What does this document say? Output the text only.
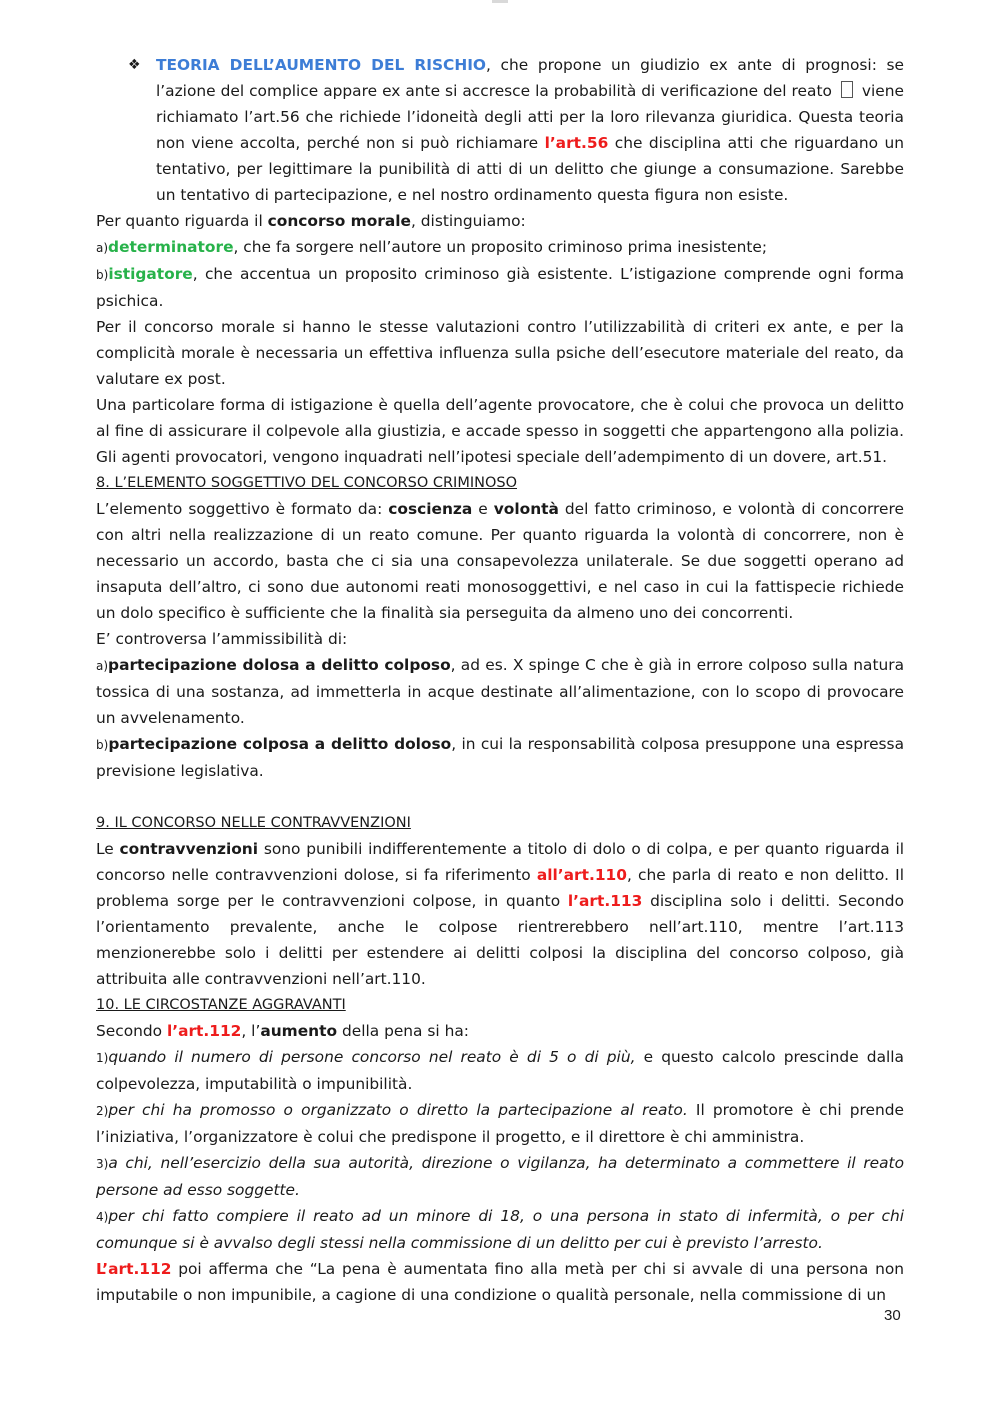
❖ TEORIA DELL’AUMENTO DEL RISCHIO, che propone un giudizio ex ante di prognosi: se l’azione del complice appare ex ante si accresce la probabilità di verificazione del reato viene richiamato l’art.56 che richiede l’idoneità degli atti per la loro rilevanza giuridica. Questa teoria non viene accolta, perché non si può richiamare l’art.56 che disciplina atti che riguardano un tentativo, per legittimare la punibilità di atti di un delitto che giunge a consumazione. Sarebbe un tentativo di partecipazione, e nel nostro ordinamento questa figura non esiste.

Per quanto riguarda il concorso morale, distinguiamo:

a)determinatore, che fa sorgere nell’autore un proposito criminoso prima inesistente;

b)istigatore, che accentua un proposito criminoso già esistente. L’istigazione comprende ogni forma psichica.

Per il concorso morale si hanno le stesse valutazioni contro l’utilizzabilità di criteri ex ante, e per la complicità morale è necessaria un effettiva influenza sulla psiche dell’esecutore materiale del reato, da valutare ex post.

Una particolare forma di istigazione è quella dell’agente provocatore, che è colui che provoca un delitto al fine di assicurare il colpevole alla giustizia, e accade spesso in soggetti che appartengono alla polizia. Gli agenti provocatori, vengono inquadrati nell’ipotesi speciale dell’adempimento di un dovere, art.51.

8. L’ELEMENTO SOGGETTIVO DEL CONCORSO CRIMINOSO

L’elemento soggettivo è formato da: coscienza e volontà del fatto criminoso, e volontà di concorrere con altri nella realizzazione di un reato comune. Per quanto riguarda la volontà di concorrere, non è necessario un accordo, basta che ci sia una consapevolezza unilaterale. Se due soggetti operano ad insaputa dell’altro, ci sono due autonomi reati monosoggettivi, e nel caso in cui la fattispecie richiede un dolo specifico è sufficiente che la finalità sia perseguita da almeno uno dei concorrenti.

E’ controversa l’ammissibilità di:

a)partecipazione dolosa a delitto colposo, ad es. X spinge C che è già in errore colposo sulla natura tossica di una sostanza, ad immetterla in acque destinate all’alimentazione, con lo scopo di provocare un avvelenamento.

b)partecipazione colposa a delitto doloso, in cui la responsabilità colposa presuppone una espressa previsione legislativa.

9. IL CONCORSO NELLE CONTRAVVENZIONI

Le contravvenzioni sono punibili indifferentemente a titolo di dolo o di colpa, e per quanto riguarda il concorso nelle contravvenzioni dolose, si fa riferimento all’art.110, che parla di reato e non delitto. Il problema sorge per le contravvenzioni colpose, in quanto l’art.113 disciplina solo i delitti. Secondo l’orientamento prevalente, anche le colpose rientrerebbero nell’art.110, mentre l’art.113 menzionerebbe solo i delitti per estendere ai delitti colposi la disciplina del concorso colposo, già attribuita alle contravvenzioni nell’art.110.

10. LE CIRCOSTANZE AGGRAVANTI

Secondo l’art.112, l’aumento della pena si ha:

1)quando il numero di persone concorso nel reato è di 5 o di più, e questo calcolo prescinde dalla colpevolezza, imputabilità o impunibilità.

2)per chi ha promosso o organizzato o diretto la partecipazione al reato. Il promotore è chi prende l’iniziativa, l’organizzatore è colui che predispone il progetto, e il direttore è chi amministra.

3)a chi, nell’esercizio della sua autorità, direzione o vigilanza, ha determinato a commettere il reato persone ad esso soggette.

4)per chi fatto compiere il reato ad un minore di 18, o una persona in stato di infermità, o per chi comunque si è avvalso degli stessi nella commissione di un delitto per cui è previsto l’arresto.

L’art.112 poi afferma che “La pena è aumentata fino alla metà per chi si avvale di una persona non imputabile o non impunibile, a cagione di una condizione o qualità personale, nella commissione di un

30
